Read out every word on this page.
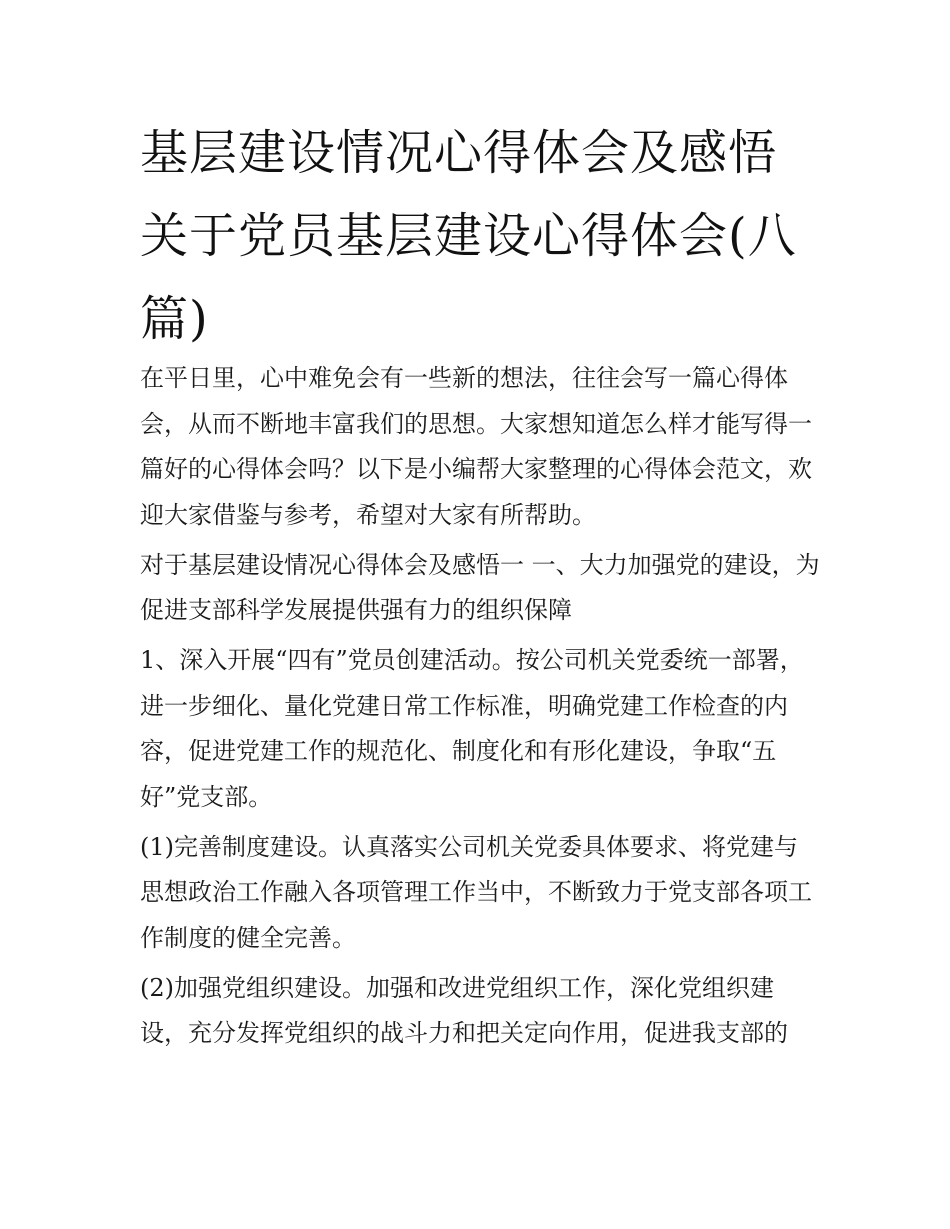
基层建设情况心得体会及感悟关于党员基层建设心得体会(八篇)

在平日里，心中难免会有一些新的想法，往往会写一篇心得体会，从而不断地丰富我们的思想。大家想知道怎么样才能写得一篇好的心得体会吗？以下是小编帮大家整理的心得体会范文，欢迎大家借鉴与参考，希望对大家有所帮助。

对于基层建设情况心得体会及感悟一 一、大力加强党的建设，为促进支部科学发展提供强有力的组织保障

1、深入开展“四有”党员创建活动。按公司机关党委统一部署，进一步细化、量化党建日常工作标准，明确党建工作检查的内容，促进党建工作的规范化、制度化和有形化建设，争取“五好”党支部。

(1)完善制度建设。认真落实公司机关党委具体要求、将党建与思想政治工作融入各项管理工作当中，不断致力于党支部各项工作制度的健全完善。

(2)加强党组织建设。加强和改进党组织工作，深化党组织建设，充分发挥党组织的战斗力和把关定向作用，促进我支部的
